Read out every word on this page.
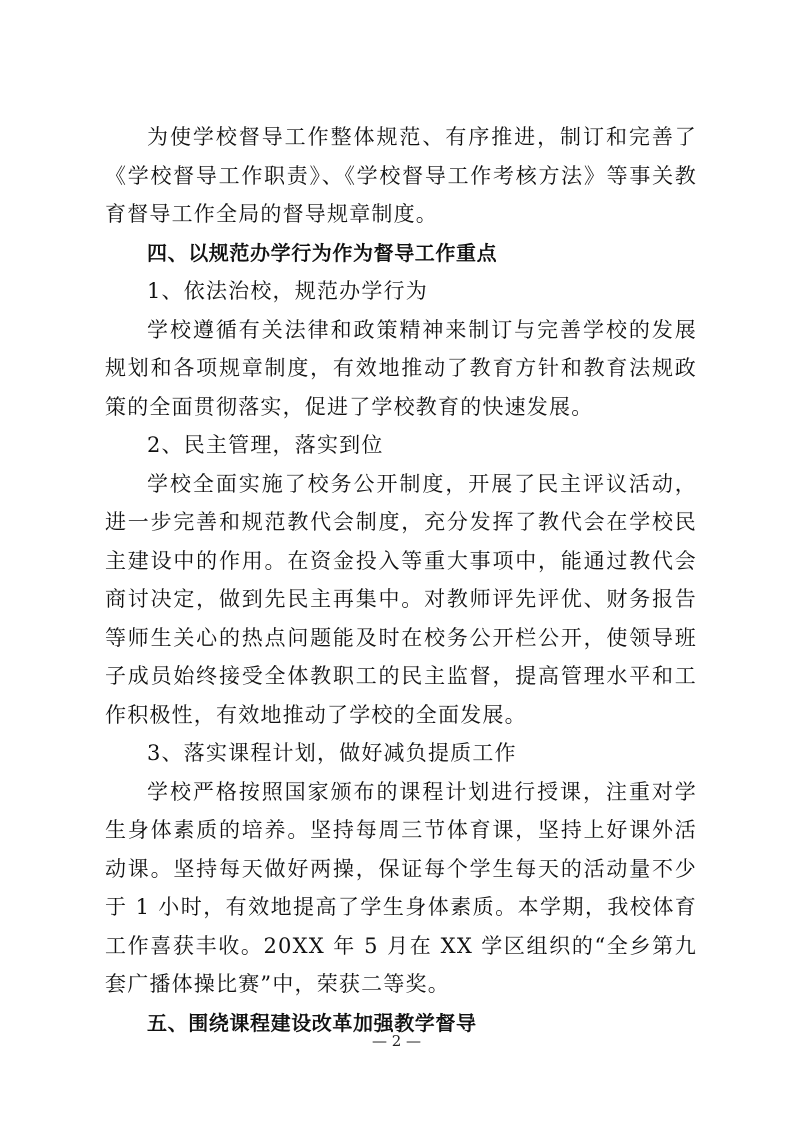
为使学校督导工作整体规范、有序推进，制订和完善了《学校督导工作职责》、《学校督导工作考核方法》等事关教育督导工作全局的督导规章制度。

四、以规范办学行为作为督导工作重点

1、依法治校，规范办学行为

学校遵循有关法律和政策精神来制订与完善学校的发展规划和各项规章制度，有效地推动了教育方针和教育法规政策的全面贯彻落实，促进了学校教育的快速发展。

2、民主管理，落实到位

学校全面实施了校务公开制度，开展了民主评议活动，进一步完善和规范教代会制度，充分发挥了教代会在学校民主建设中的作用。在资金投入等重大事项中，能通过教代会商讨决定，做到先民主再集中。对教师评先评优、财务报告等师生关心的热点问题能及时在校务公开栏公开，使领导班子成员始终接受全体教职工的民主监督，提高管理水平和工作积极性，有效地推动了学校的全面发展。

3、落实课程计划，做好减负提质工作

学校严格按照国家颁布的课程计划进行授课，注重对学生身体素质的培养。坚持每周三节体育课，坚持上好课外活动课。坚持每天做好两操，保证每个学生每天的活动量不少于 1 小时，有效地提高了学生身体素质。本学期，我校体育工作喜获丰收。20XX 年 5 月在 XX 学区组织的“全乡第九套广播体操比赛”中，荣获二等奖。

五、围绕课程建设改革加强教学督导

— 2 —
